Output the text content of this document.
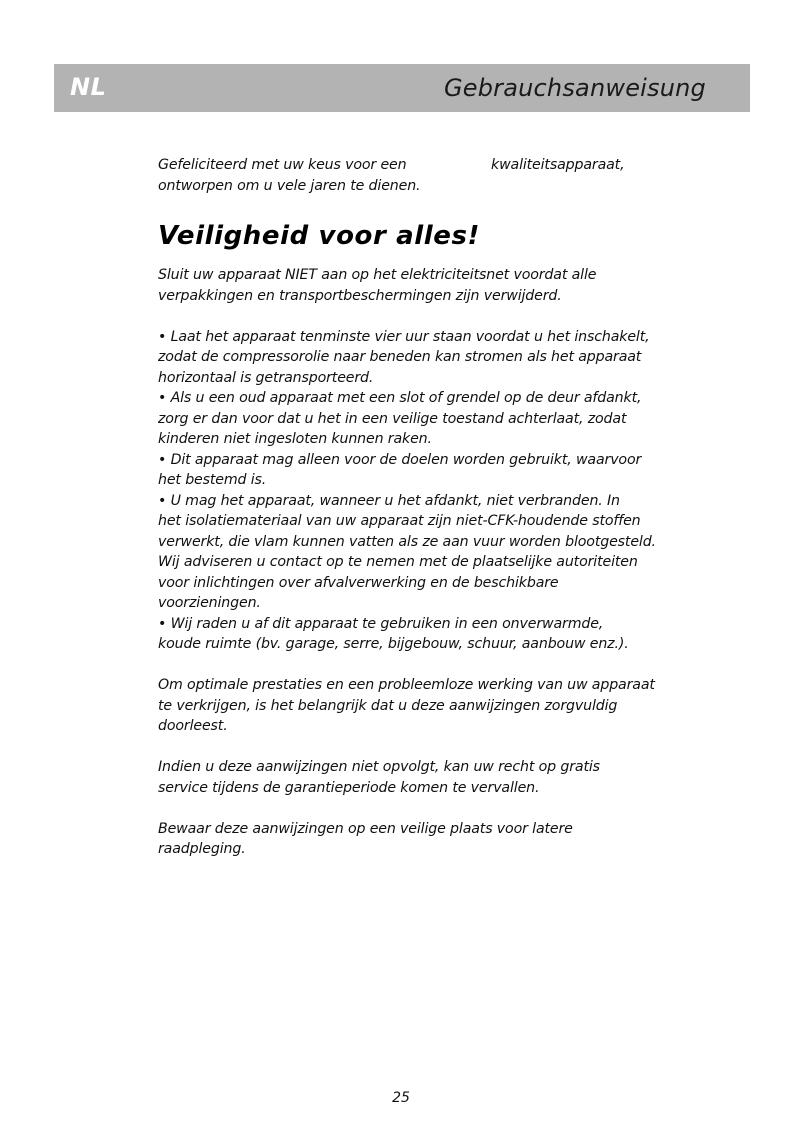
NL	Gebrauchsanweisung

Gefeliciteerd met uw keus voor een	kwaliteitsapparaat,

ontworpen om u vele jaren te dienen.

Veiligheid voor alles!

Sluit uw apparaat NIET aan op het elektriciteitsnet voordat alle

verpakkingen en transportbeschermingen zijn verwijderd.

• Laat het apparaat tenminste vier uur staan voordat u het inschakelt,

zodat de compressorolie naar beneden kan stromen als het apparaat

horizontaal is getransporteerd.

• Als u een oud apparaat met een slot of grendel op de deur afdankt,

zorg er dan voor dat u het in een veilige toestand achterlaat, zodat

kinderen niet ingesloten kunnen raken.

• Dit apparaat mag alleen voor de doelen worden gebruikt, waarvoor

het bestemd is.

• U mag het apparaat, wanneer u het afdankt, niet verbranden. In

het isolatiemateriaal van uw apparaat zijn niet-CFK-houdende stoffen

verwerkt, die vlam kunnen vatten als ze aan vuur worden blootgesteld.

Wij adviseren u contact op te nemen met de plaatselijke autoriteiten

voor inlichtingen over afvalverwerking en de beschikbare

voorzieningen.

• Wij raden u af dit apparaat te gebruiken in een onverwarmde,

koude ruimte (bv. garage, serre, bijgebouw, schuur, aanbouw enz.).

Om optimale prestaties en een probleemloze werking van uw apparaat

te verkrijgen, is het belangrijk dat u deze aanwijzingen zorgvuldig

doorleest.

Indien u deze aanwijzingen niet opvolgt, kan uw recht op gratis

service tijdens de garantieperiode komen te vervallen.

Bewaar deze aanwijzingen op een veilige plaats voor latere

raadpleging.

25
